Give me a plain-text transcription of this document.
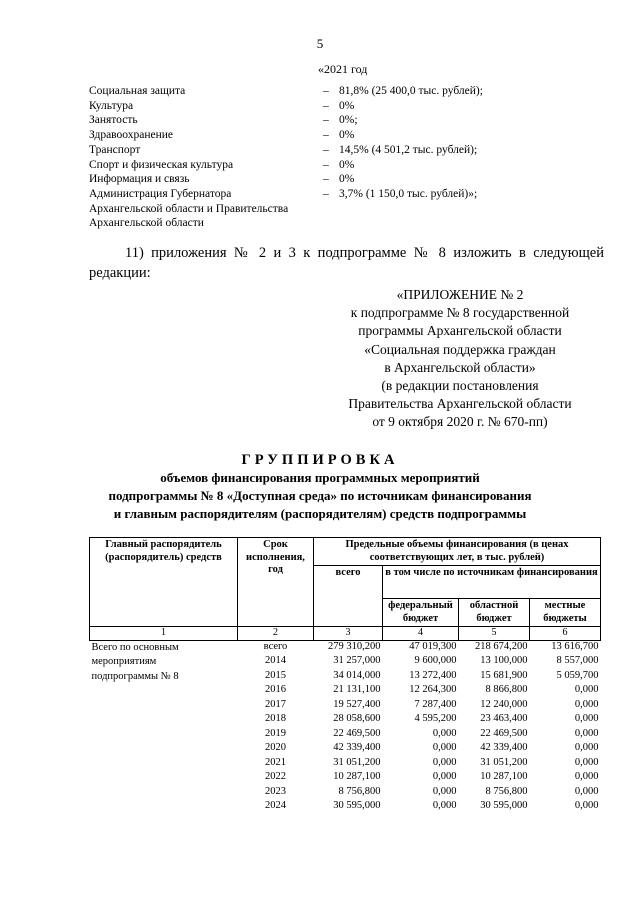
5
«2021 год
Социальная защита	– 81,8% (25 400,0 тыс. рублей);
Культура	– 0%
Занятость	– 0%;
Здравоохранение	– 0%
Транспорт	– 14,5% (4 501,2 тыс. рублей);
Спорт и физическая культура	– 0%
Информация и связь	– 0%
Администрация Губернатора	– 3,7% (1 150,0 тыс. рублей)»;
Архангельской области и Правительства
Архангельской области
11) приложения № 2 и 3 к подпрограмме № 8 изложить в следующей редакции:
«ПРИЛОЖЕНИЕ № 2
к подпрограмме № 8 государственной
программы Архангельской области
«Социальная поддержка граждан
в Архангельской области»
(в редакции постановления
Правительства Архангельской области
от 9 октября 2020 г. № 670-пп)
ГРУППИРОВКА
объемов финансирования программных мероприятий
подпрограммы № 8 «Доступная среда» по источникам финансирования
и главным распорядителям (распорядителям) средств подпрограммы
Главный распорядитель (распорядитель) средств	Срок исполнения, год	Предельные объемы финансирования (в ценах соответствующих лет, в тыс. рублей)			
		всего	в том числе по источникам финансирования		
			федеральный бюджет	областной бюджет	местные бюджеты
1	2	3	4	5	6

Всего по основным
мероприятиям
подпрограммы № 8	всего	279 310,200	47 019,300	218 674,200	13 616,700
	2014	31 257,000	9 600,000	13 100,000	8 557,000
	2015	34 014,000	13 272,400	15 681,900	5 059,700
	2016	21 131,100	12 264,300	8 866,800	0,000
	2017	19 527,400	7 287,400	12 240,000	0,000
	2018	28 058,600	4 595,200	23 463,400	0,000
	2019	22 469,500	0,000	22 469,500	0,000
	2020	42 339,400	0,000	42 339,400	0,000
	2021	31 051,200	0,000	31 051,200	0,000
	2022	10 287,100	0,000	10 287,100	0,000
	2023	8 756,800	0,000	8 756,800	0,000
	2024	30 595,000	0,000	30 595,000	0,000
